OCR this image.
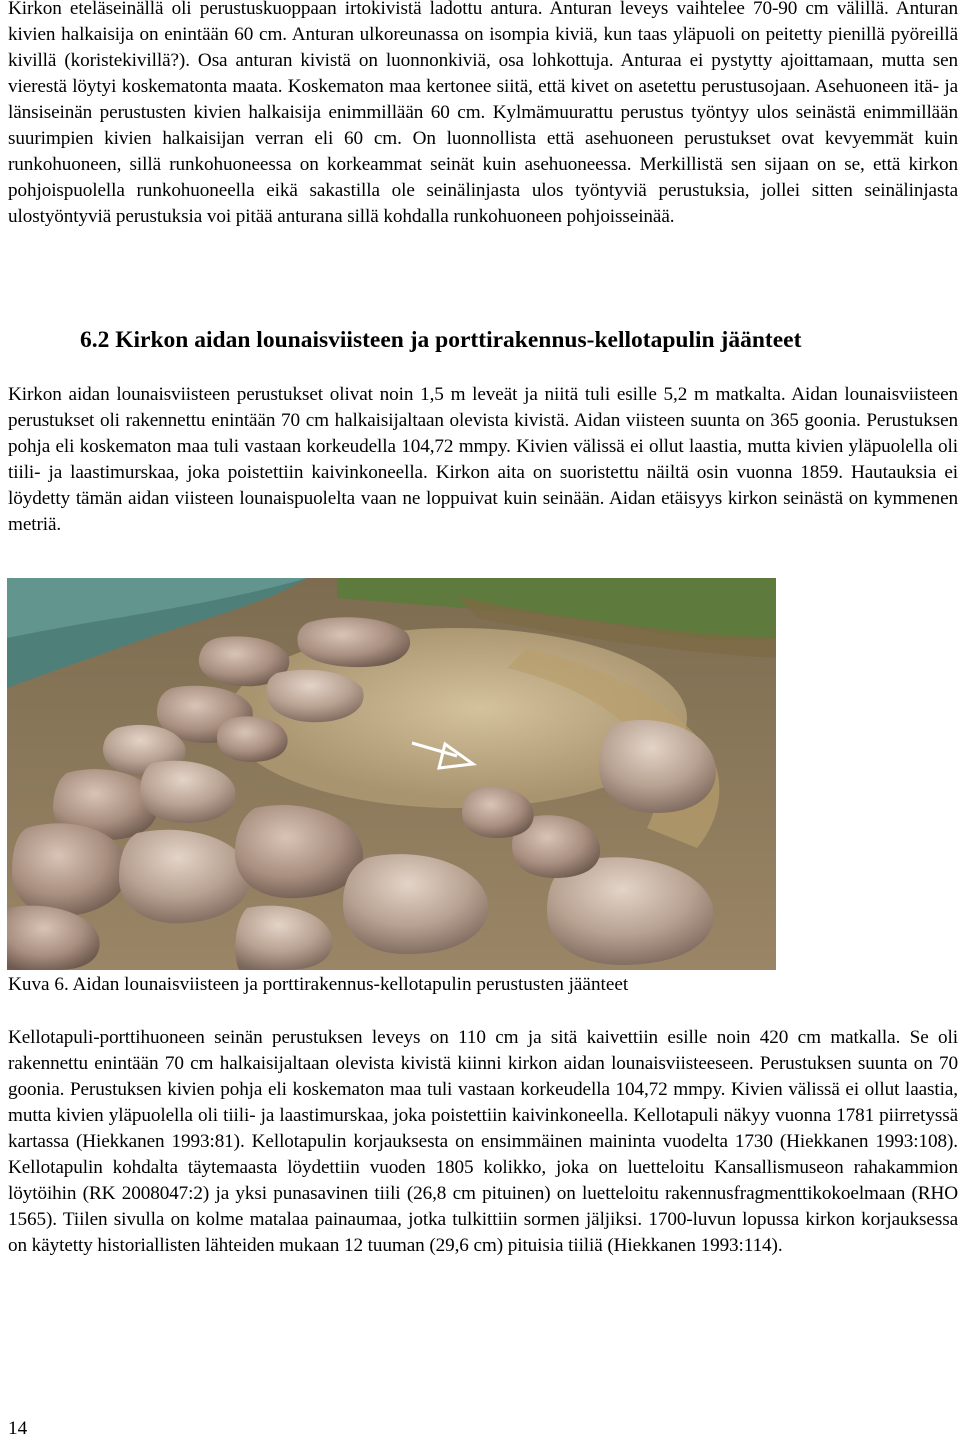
Kirkon eteläseinällä oli perustuskuoppaan irtokivistä ladottu antura. Anturan leveys vaihtelee 70-90 cm välillä. Anturan kivien halkaisija on enintään 60 cm. Anturan ulkoreunassa on isompia kiviä, kun taas yläpuoli on peitetty pienillä pyöreillä kivillä (koristekivillä?). Osa anturan kivistä on luonnonkiviä, osa lohkottuja. Anturaa ei pystytty ajoittamaan, mutta sen vierestä löytyi koskematonta maata. Koskematon maa kertonee siitä, että kivet on asetettu perustusojaan. Asehuoneen itä- ja länsiseinän perustusten kivien halkaisija enimmillään 60 cm. Kylmämuurattu perustus työntyy ulos seinästä enimmillään suurimpien kivien halkaisijan verran eli 60 cm. On luonnollista että asehuoneen perustukset ovat kevyemmät kuin runkohuoneen, sillä runkohuoneessa on korkeammat seinät kuin asehuoneessa. Merkillistä sen sijaan on se, että kirkon pohjoispuolella runkohuoneella eikä sakastilla ole seinälinjasta ulos työntyviä perustuksia, jollei sitten seinälinjasta ulostyöntyviä perustuksia voi pitää anturana sillä kohdalla runkohuoneen pohjoisseinää.

6.2 Kirkon aidan lounaisviisteen ja porttirakennus-kellotapulin jäänteet

Kirkon aidan lounaisviisteen perustukset olivat noin 1,5 m leveät ja niitä tuli esille 5,2 m matkalta. Aidan lounaisviisteen perustukset oli rakennettu enintään 70 cm halkaisijaltaan olevista kivistä. Aidan viisteen suunta on 365 goonia. Perustuksen pohja eli koskematon maa tuli vastaan korkeudella 104,72 mmpy. Kivien välissä ei ollut laastia, mutta kivien yläpuolella oli tiili- ja laastimurskaa, joka poistettiin kaivinkoneella. Kirkon aita on suoristettu näiltä osin vuonna 1859. Hautauksia ei löydetty tämän aidan viisteen lounaispuolelta vaan ne loppuivat kuin seinään. Aidan etäisyys kirkon seinästä on kymmenen metriä.

Kuva 6. Aidan lounaisviisteen ja porttirakennus-kellotapulin perustusten jäänteet

Kellotapuli-porttihuoneen seinän perustuksen leveys on 110 cm ja sitä kaivettiin esille noin 420 cm matkalla. Se oli rakennettu enintään 70 cm halkaisijaltaan olevista kivistä kiinni kirkon aidan lounaisviisteeseen. Perustuksen suunta on 70 goonia. Perustuksen kivien pohja eli koskematon maa tuli vastaan korkeudella 104,72 mmpy. Kivien välissä ei ollut laastia, mutta kivien yläpuolella oli tiili- ja laastimurskaa, joka poistettiin kaivinkoneella. Kellotapuli näkyy vuonna 1781 piirretyssä kartassa (Hiekkanen 1993:81). Kellotapulin korjauksesta on ensimmäinen maininta vuodelta 1730 (Hiekkanen 1993:108). Kellotapulin kohdalta täytemaasta löydettiin vuoden 1805 kolikko, joka on luetteloitu Kansallismuseon rahakammion löytöihin (RK 2008047:2) ja yksi punasavinen tiili (26,8 cm pituinen) on luetteloitu rakennusfragmenttikokoelmaan (RHO 1565). Tiilen sivulla on kolme matalaa painaumaa, jotka tulkittiin sormen jäljiksi. 1700-luvun lopussa kirkon korjauksessa on käytetty historiallisten lähteiden mukaan 12 tuuman (29,6 cm) pituisia tiiliä (Hiekkanen 1993:114).

14
